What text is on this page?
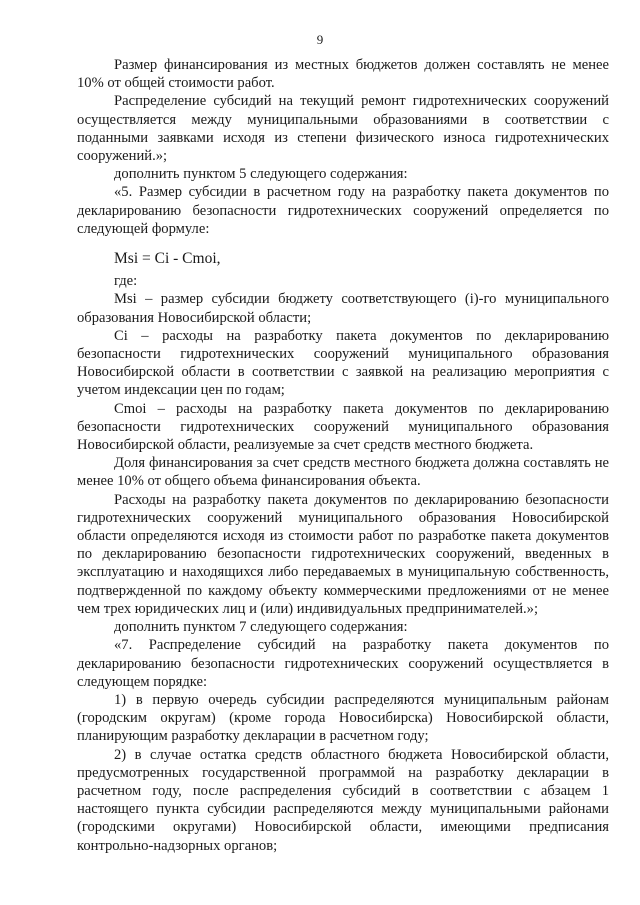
9

Размер финансирования из местных бюджетов должен составлять не менее 10% от общей стоимости работ.

Распределение субсидий на текущий ремонт гидротехнических сооружений осуществляется между муниципальными образованиями в соответствии с поданными заявками исходя из степени физического износа гидротехнических сооружений.»;

дополнить пунктом 5 следующего содержания:

«5. Размер субсидии в расчетном году на разработку пакета документов по декларированию безопасности гидротехнических сооружений определяется по следующей формуле:

Msi = Ci - Cmoi,

где:

Msi – размер субсидии бюджету соответствующего (i)-го муниципального образования Новосибирской области;

Ci – расходы на разработку пакета документов по декларированию безопасности гидротехнических сооружений муниципального образования Новосибирской области в соответствии с заявкой на реализацию мероприятия с учетом индексации цен по годам;

Cmoi – расходы на разработку пакета документов по декларированию безопасности гидротехнических сооружений муниципального образования Новосибирской области, реализуемые за счет средств местного бюджета.

Доля финансирования за счет средств местного бюджета должна составлять не менее 10% от общего объема финансирования объекта.

Расходы на разработку пакета документов по декларированию безопасности гидротехнических сооружений муниципального образования Новосибирской области определяются исходя из стоимости работ по разработке пакета документов по декларированию безопасности гидротехнических сооружений, введенных в эксплуатацию и находящихся либо передаваемых в муниципальную собственность, подтвержденной по каждому объекту коммерческими предложениями от не менее чем трех юридических лиц и (или) индивидуальных предпринимателей.»;

дополнить пунктом 7 следующего содержания:

«7. Распределение субсидий на разработку пакета документов по декларированию безопасности гидротехнических сооружений осуществляется в следующем порядке:

1) в первую очередь субсидии распределяются муниципальным районам (городским округам) (кроме города Новосибирска) Новосибирской области, планирующим разработку декларации в расчетном году;

2) в случае остатка средств областного бюджета Новосибирской области, предусмотренных государственной программой на разработку декларации в расчетном году, после распределения субсидий в соответствии с абзацем 1 настоящего пункта субсидии распределяются между муниципальными районами (городскими округами) Новосибирской области, имеющими предписания контрольно-надзорных органов;
